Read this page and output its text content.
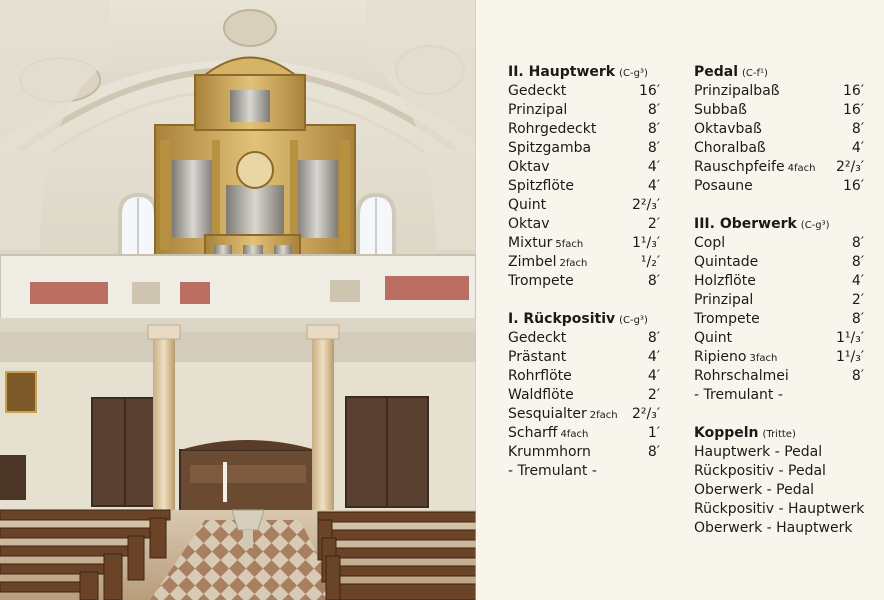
II. Hauptwerk (C-g³)
Gedeckt	16′
Prinzipal	8′
Rohrgedeckt	8′
Spitzgamba	8′
Oktav	4′
Spitzflöte	4′
Quint	2²/₃′
Oktav	2′
Mixtur 5fach	1¹/₃′
Zimbel 2fach	¹/₂′
Trompete	8′
I. Rückpositiv (C-g³)
Gedeckt	8′
Prästant	4′
Rohrflöte	4′
Waldflöte	2′
Sesquialter 2fach 2²/₃′
Scharff 4fach	1′
Krummhorn	8′
- Tremulant -
Pedal (C-f¹)
Prinzipalbaß	16′
Subbaß	16′
Oktavbaß	8′
Choralbaß	4′
Rauschpfeife 4fach 2²/₃′
Posaune	16′
III. Oberwerk (C-g³)
Copl	8′
Quintade	8′
Holzflöte	4′
Prinzipal	2′
Trompete	8′
Quint	1¹/₃′
Ripieno 3fach	1¹/₃′
Rohrschalmei	8′
- Tremulant -
Koppeln (Tritte)
Hauptwerk - Pedal
Rückpositiv - Pedal
Oberwerk - Pedal
Rückpositiv - Hauptwerk
Oberwerk - Hauptwerk
